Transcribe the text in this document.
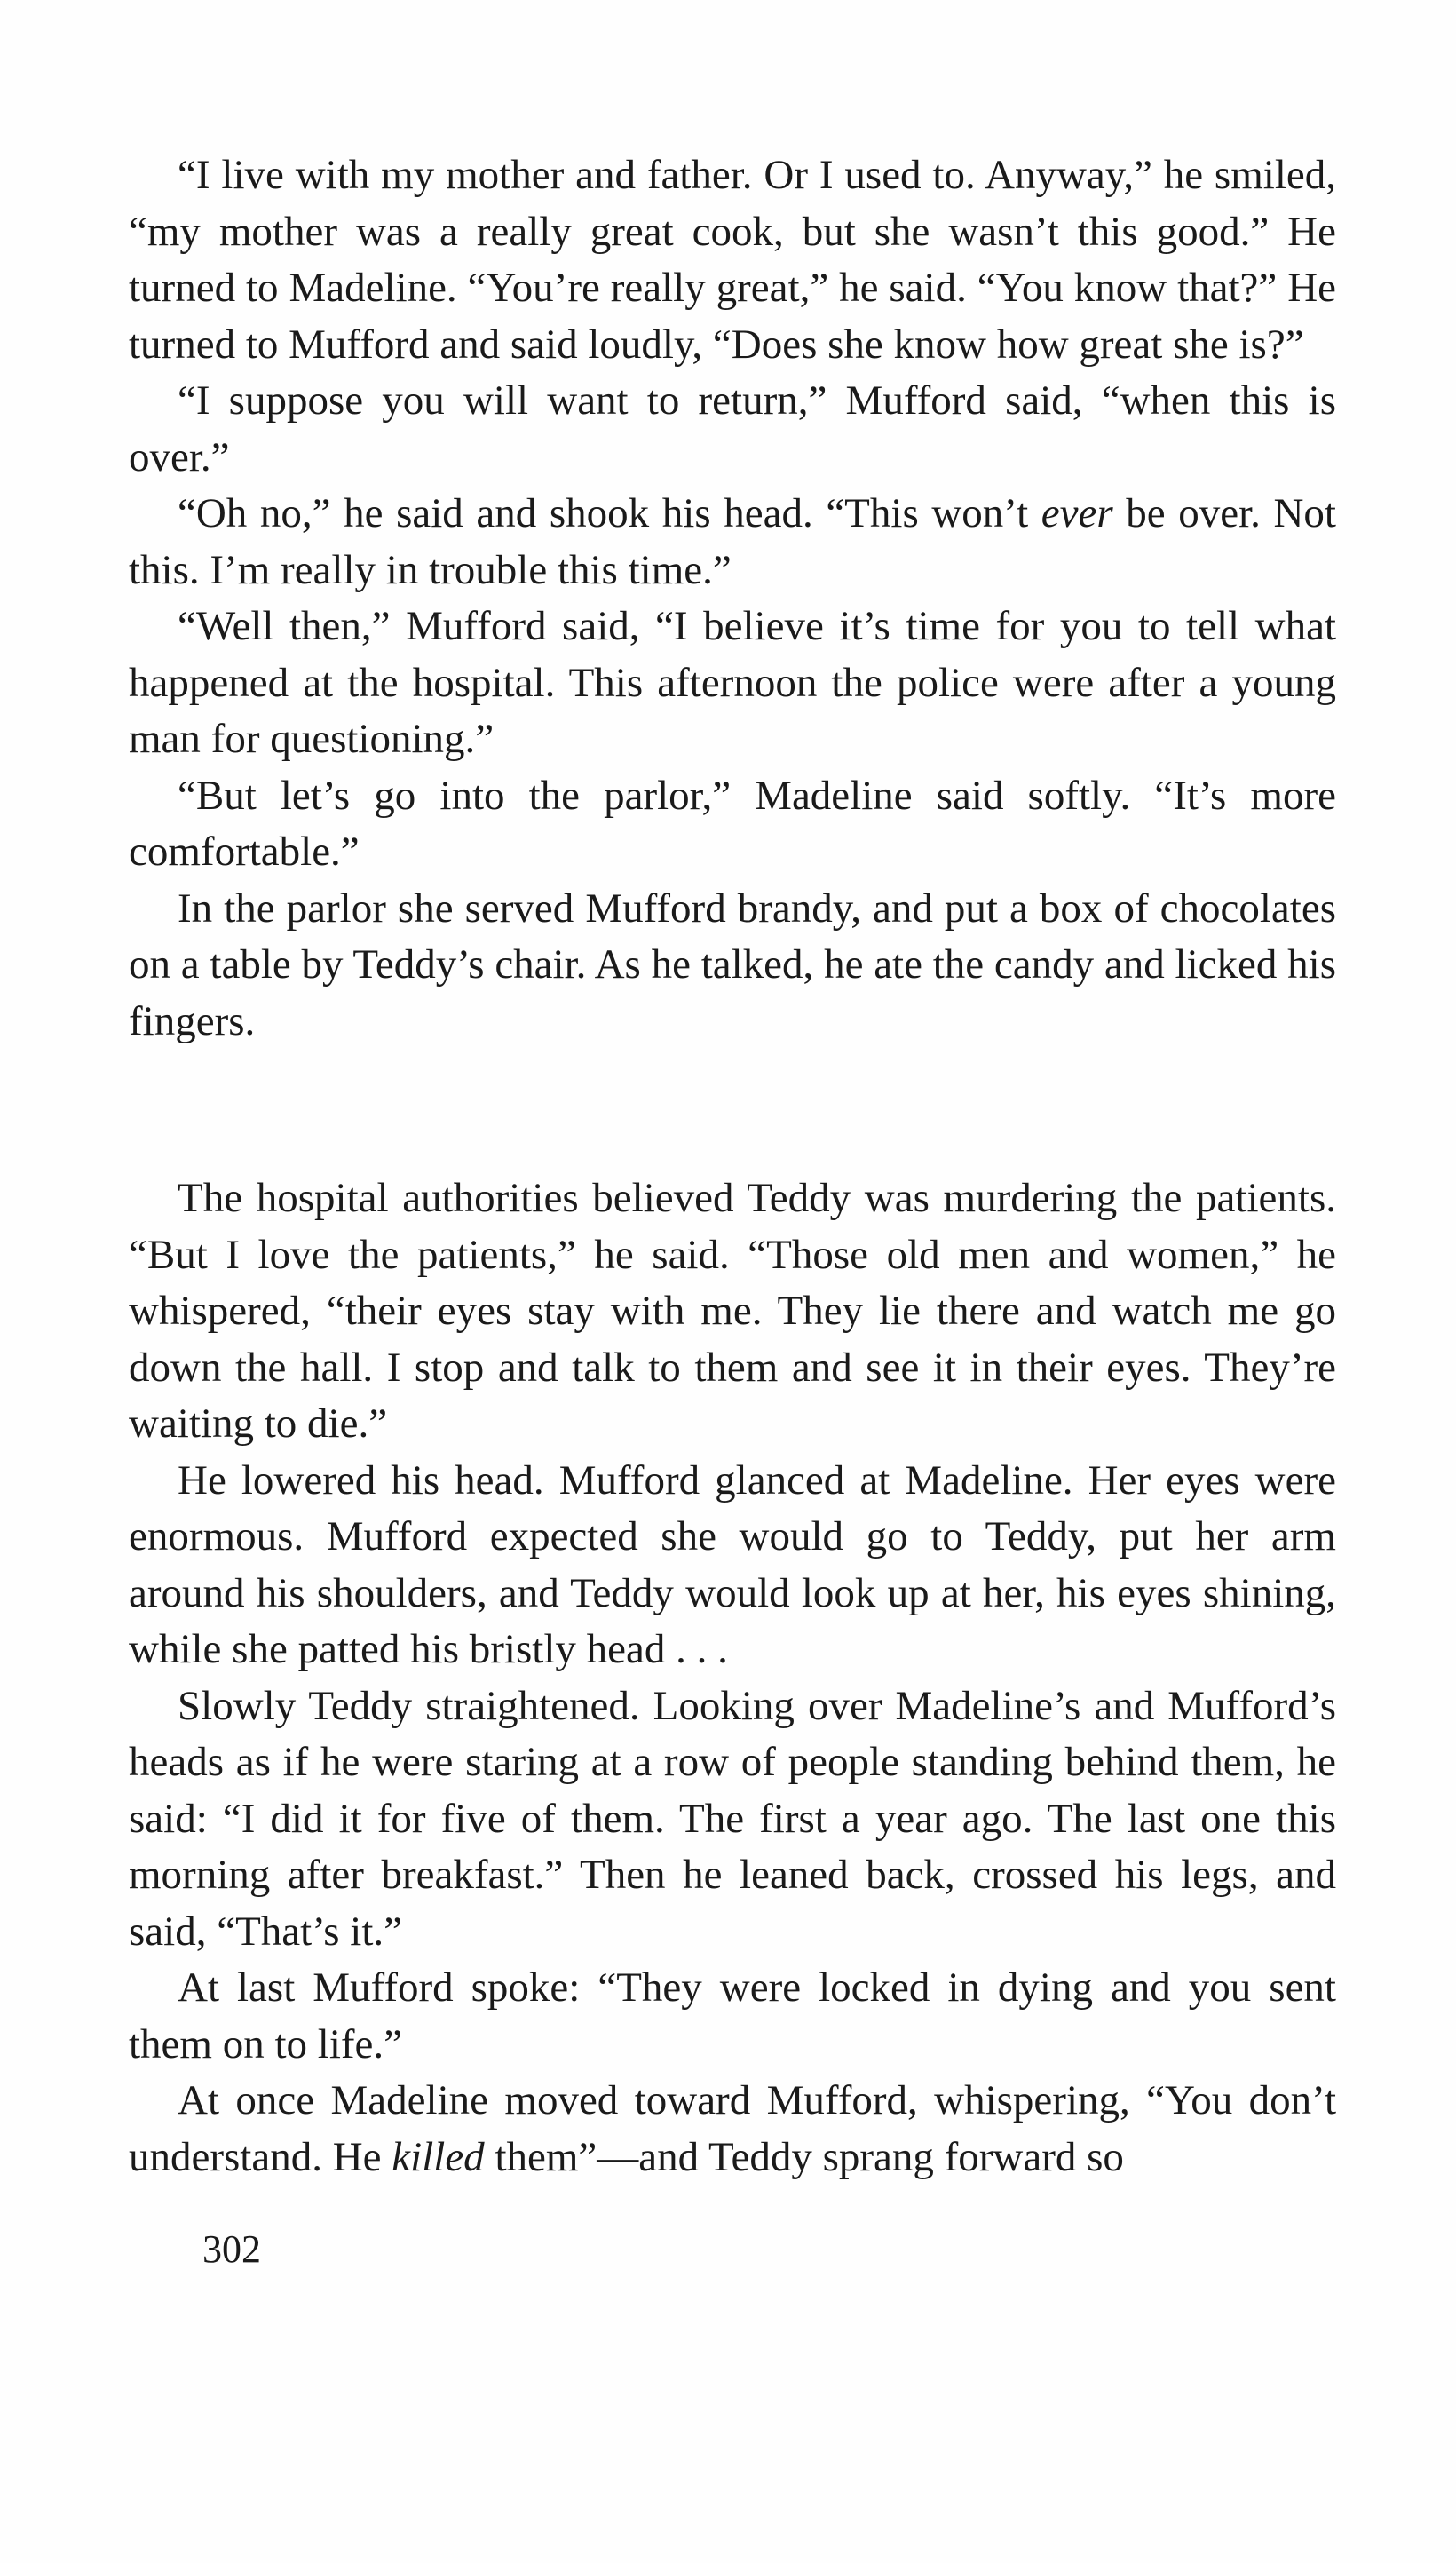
“I live with my mother and father. Or I used to. Anyway,” he smiled, “my mother was a really great cook, but she wasn’t this good.” He turned to Madeline. “You’re really great,” he said. “You know that?” He turned to Mufford and said loudly, “Does she know how great she is?”

“I suppose you will want to return,” Mufford said, “when this is over.”

“Oh no,” he said and shook his head. “This won’t ever be over. Not this. I’m really in trouble this time.”

“Well then,” Mufford said, “I believe it’s time for you to tell what happened at the hospital. This afternoon the police were after a young man for questioning.”

“But let’s go into the parlor,” Madeline said softly. “It’s more comfortable.”

In the parlor she served Mufford brandy, and put a box of chocolates on a table by Teddy’s chair. As he talked, he ate the candy and licked his fingers.

The hospital authorities believed Teddy was murdering the patients. “But I love the patients,” he said. “Those old men and women,” he whispered, “their eyes stay with me. They lie there and watch me go down the hall. I stop and talk to them and see it in their eyes. They’re waiting to die.”

He lowered his head. Mufford glanced at Madeline. Her eyes were enormous. Mufford expected she would go to Teddy, put her arm around his shoulders, and Teddy would look up at her, his eyes shining, while she patted his bristly head . . .

Slowly Teddy straightened. Looking over Madeline’s and Mufford’s heads as if he were staring at a row of people standing behind them, he said: “I did it for five of them. The first a year ago. The last one this morning after breakfast.” Then he leaned back, crossed his legs, and said, “That’s it.”

At last Mufford spoke: “They were locked in dying and you sent them on to life.”

At once Madeline moved toward Mufford, whispering, “You don’t understand. He killed them”—and Teddy sprang forward so

302
